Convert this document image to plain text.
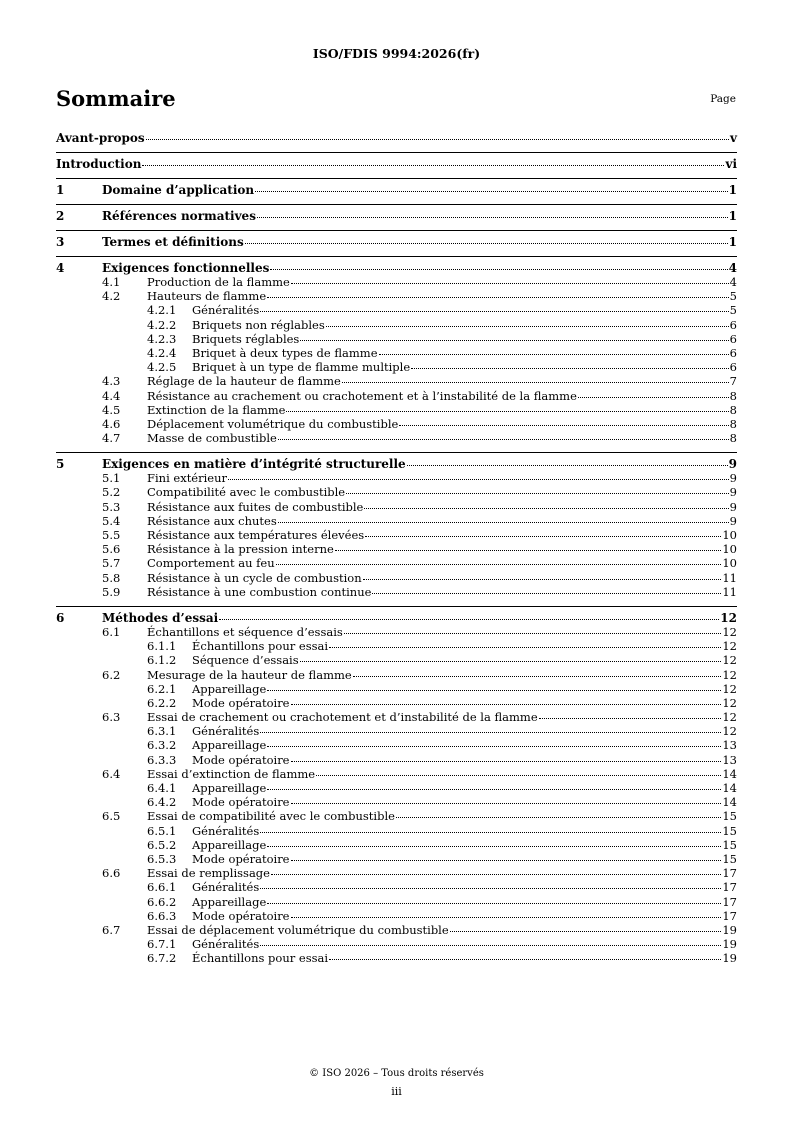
ISO/FDIS 9994:2026(fr)
Sommaire	Page
Avant-propos	v
Introduction	vi
1	Domaine d’application	1
2	Références normatives	1
3	Termes et définitions	1
4	Exigences fonctionnelles	4
4.1	Production de la flamme	4
4.2	Hauteurs de flamme	5
4.2.1	Généralités	5
4.2.2	Briquets non réglables	6
4.2.3	Briquets réglables	6
4.2.4	Briquet à deux types de flamme	6
4.2.5	Briquet à un type de flamme multiple	6
4.3	Réglage de la hauteur de flamme	7
4.4	Résistance au crachement ou crachotement et à l’instabilité de la flamme	8
4.5	Extinction de la flamme	8
4.6	Déplacement volumétrique du combustible	8
4.7	Masse de combustible	8
5	Exigences en matière d’intégrité structurelle	9
5.1	Fini extérieur	9
5.2	Compatibilité avec le combustible	9
5.3	Résistance aux fuites de combustible	9
5.4	Résistance aux chutes	9
5.5	Résistance aux températures élevées	10
5.6	Résistance à la pression interne	10
5.7	Comportement au feu	10
5.8	Résistance à un cycle de combustion	11
5.9	Résistance à une combustion continue	11
6	Méthodes d’essai	12
6.1	Échantillons et séquence d’essais	12
6.1.1	Échantillons pour essai	12
6.1.2	Séquence d’essais	12
6.2	Mesurage de la hauteur de flamme	12
6.2.1	Appareillage	12
6.2.2	Mode opératoire	12
6.3	Essai de crachement ou crachotement et d’instabilité de la flamme	12
6.3.1	Généralités	12
6.3.2	Appareillage	13
6.3.3	Mode opératoire	13
6.4	Essai d’extinction de flamme	14
6.4.1	Appareillage	14
6.4.2	Mode opératoire	14
6.5	Essai de compatibilité avec le combustible	15
6.5.1	Généralités	15
6.5.2	Appareillage	15
6.5.3	Mode opératoire	15
6.6	Essai de remplissage	17
6.6.1	Généralités	17
6.6.2	Appareillage	17
6.6.3	Mode opératoire	17
6.7	Essai de déplacement volumétrique du combustible	19
6.7.1	Généralités	19
6.7.2	Échantillons pour essai	19
© ISO 2026 – Tous droits réservés
iii
